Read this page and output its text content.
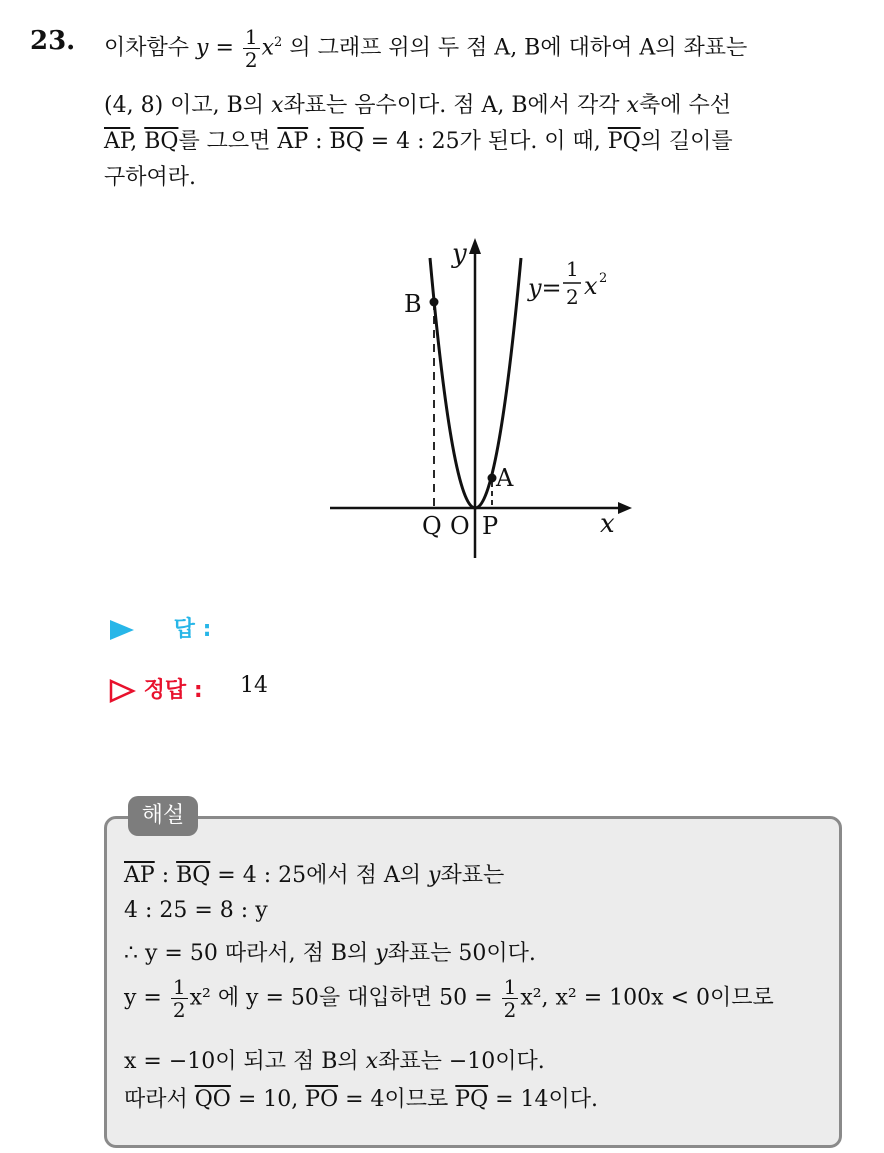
23. 이차함수 $y = \frac{1}{2} x^2$ 의 그래프 위의 두 점 A, B에 대하여 A의 좌표는
(4, 8) 이고, B의 x좌표는 음수이다. 점 A, B에서 각각 x축에 수선
$\overline{AP}$, $\overline{BQ}$를 그으면 $\overline{AP}$ : $\overline{BQ} = 4$ : 25가 된다. 이 때, $\overline{PQ}$의 길이를
구하여라.
y
x
B
A
Q O P
y=
1
2 x 2
답 :
정답 : 14
해설
$\overline{AP}$ : $\overline{BQ} = 4$ : 25에서 점 A의 y좌표는
4 : 25 = 8 : y
∴ y = 50 따라서, 점 B의 y좌표는 50이다.
$y = \frac{1}{2} x^2$ 에 y = 50을 대입하면 $50 = \frac{1}{2} x^2$, x² = 100x < 0이므로
x = −10이 되고 점 B의 x좌표는 −10이다.
따라서 $\overline{QO} = 10$, $\overline{PO} = 4$이므로 $\overline{PQ} = 14$이다.
